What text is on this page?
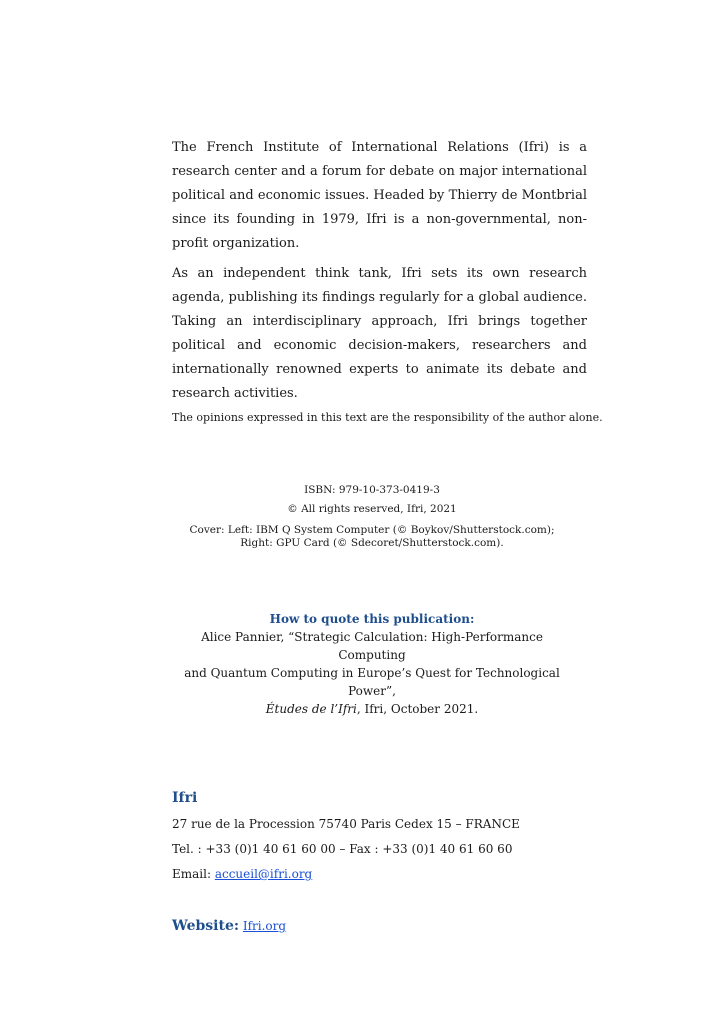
The French Institute of International Relations (Ifri) is a research center and a forum for debate on major international political and economic issues. Headed by Thierry de Montbrial since its founding in 1979, Ifri is a non-governmental, non-profit organization.

As an independent think tank, Ifri sets its own research agenda, publishing its findings regularly for a global audience. Taking an interdisciplinary approach, Ifri brings together political and economic decision-makers, researchers and internationally renowned experts to animate its debate and research activities.

The opinions expressed in this text are the responsibility of the author alone.
ISBN: 979-10-373-0419-3
© All rights reserved, Ifri, 2021
Cover: Left: IBM Q System Computer (© Boykov/Shutterstock.com);
Right: GPU Card (© Sdecoret/Shutterstock.com).
How to quote this publication:
Alice Pannier, “Strategic Calculation: High-Performance Computing
and Quantum Computing in Europe’s Quest for Technological Power”,
Études de l’Ifri, Ifri, October 2021.
Ifri
27 rue de la Procession 75740 Paris Cedex 15 – FRANCE
Tel. : +33 (0)1 40 61 60 00 – Fax : +33 (0)1 40 61 60 60
Email: accueil@ifri.org
Website: Ifri.org
